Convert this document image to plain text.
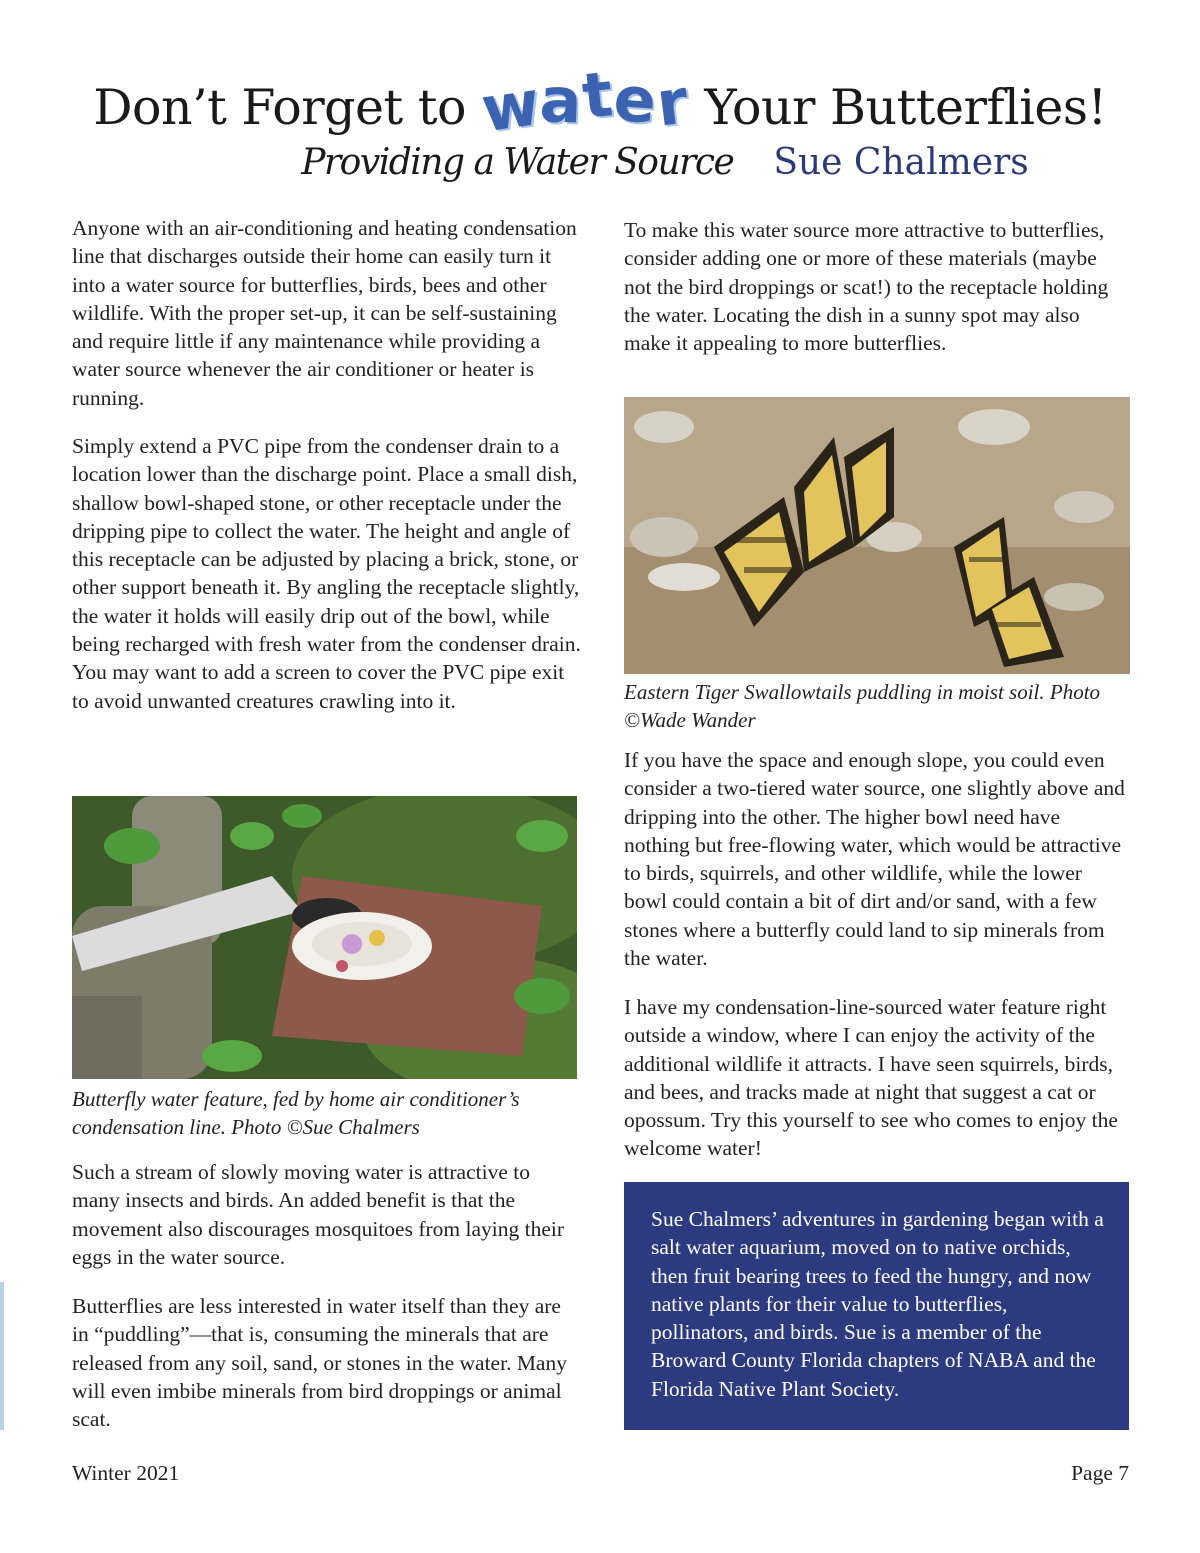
Don’t Forget to water Your Butterflies!
Providing a Water Source Sue Chalmers

Anyone with an air-conditioning and heating condensation line that discharges outside their home can easily turn it into a water source for butterflies, birds, bees and other wildlife. With the proper set-up, it can be self-sustaining and require little if any maintenance while providing a water source whenever the air conditioner or heater is running.

Simply extend a PVC pipe from the condenser drain to a location lower than the discharge point. Place a small dish, shallow bowl-shaped stone, or other receptacle under the dripping pipe to collect the water. The height and angle of this receptacle can be adjusted by placing a brick, stone, or other support beneath it. By angling the receptacle slightly, the water it holds will easily drip out of the bowl, while being recharged with fresh water from the condenser drain. You may want to add a screen to cover the PVC pipe exit to avoid unwanted creatures crawling into it.

Butterfly water feature, fed by home air conditioner’s condensation line. Photo ©Sue Chalmers

Such a stream of slowly moving water is attractive to many insects and birds. An added benefit is that the movement also discourages mosquitoes from laying their eggs in the water source.

Butterflies are less interested in water itself than they are in “puddling”—that is, consuming the minerals that are released from any soil, sand, or stones in the water. Many will even imbibe minerals from bird droppings or animal scat.

To make this water source more attractive to butterflies, consider adding one or more of these materials (maybe not the bird droppings or scat!) to the receptacle holding the water. Locating the dish in a sunny spot may also make it appealing to more butterflies.

Eastern Tiger Swallowtails puddling in moist soil. Photo ©Wade Wander

If you have the space and enough slope, you could even consider a two-tiered water source, one slightly above and dripping into the other. The higher bowl need have nothing but free-flowing water, which would be attractive to birds, squirrels, and other wildlife, while the lower bowl could contain a bit of dirt and/or sand, with a few stones where a butterfly could land to sip minerals from the water.

I have my condensation-line-sourced water feature right outside a window, where I can enjoy the activity of the additional wildlife it attracts. I have seen squirrels, birds, and bees, and tracks made at night that suggest a cat or opossum. Try this yourself to see who comes to enjoy the welcome water!

Sue Chalmers’ adventures in gardening began with a salt water aquarium, moved on to native orchids, then fruit bearing trees to feed the hungry, and now native plants for their value to butterflies, pollinators, and birds. Sue is a member of the Broward County Florida chapters of NABA and the Florida Native Plant Society.
Winter 2021	Page 7
